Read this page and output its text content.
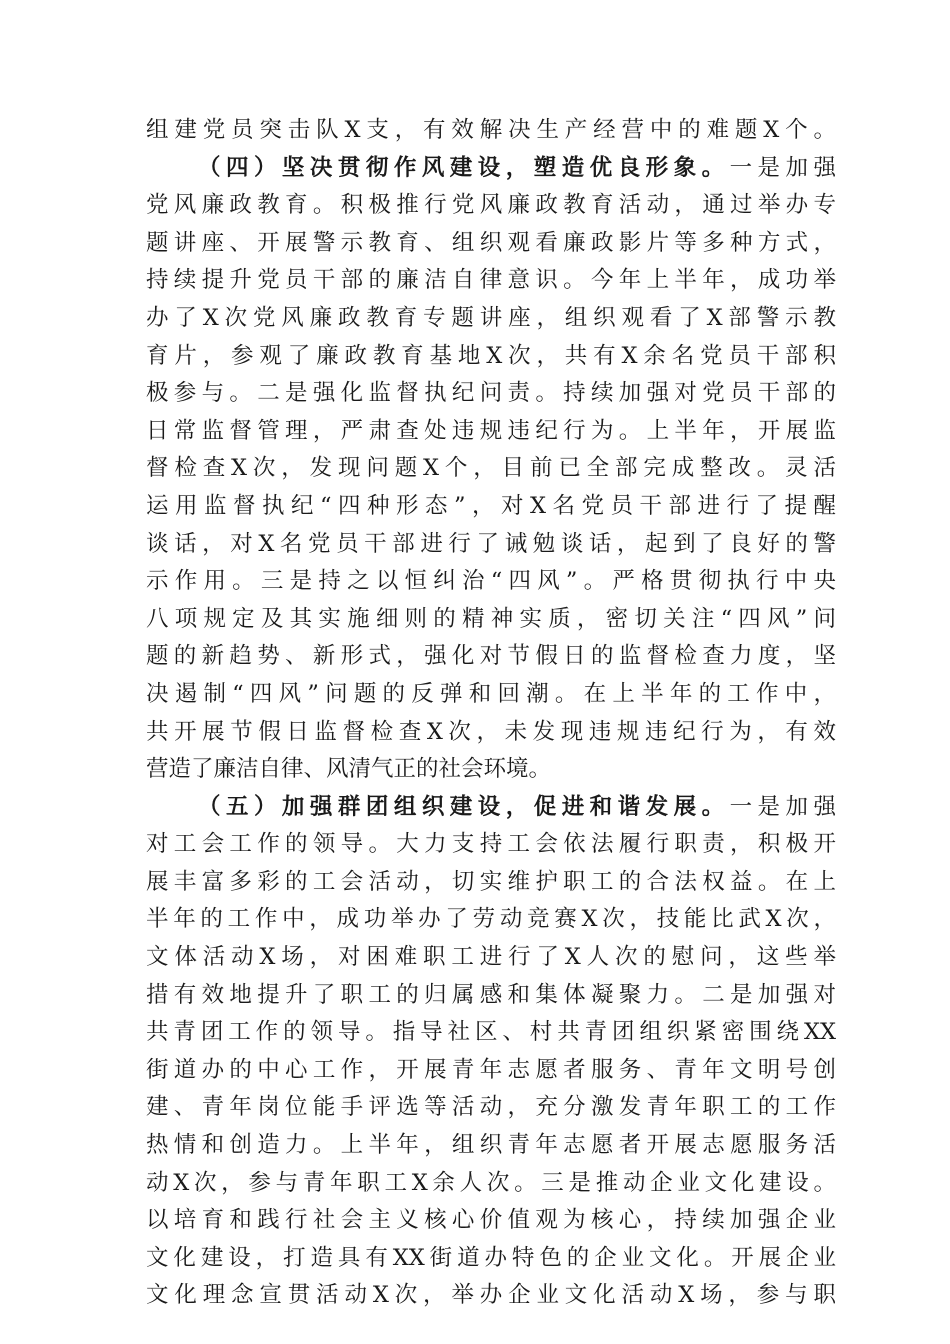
组建党员突击队X支，有效解决生产经营中的难题X个。
（四）坚决贯彻作风建设，塑造优良形象。一是加强
党风廉政教育。积极推行党风廉政教育活动，通过举办专
题讲座、开展警示教育、组织观看廉政影片等多种方式，
持续提升党员干部的廉洁自律意识。今年上半年，成功举
办了X次党风廉政教育专题讲座，组织观看了X部警示教
育片，参观了廉政教育基地X次，共有X余名党员干部积
极参与。二是强化监督执纪问责。持续加强对党员干部的
日常监督管理，严肃查处违规违纪行为。上半年，开展监
督检查X次，发现问题X个，目前已全部完成整改。灵活
运用监督执纪“四种形态”，对X名党员干部进行了提醒
谈话，对X名党员干部进行了诫勉谈话，起到了良好的警
示作用。三是持之以恒纠治“四风”。严格贯彻执行中央
八项规定及其实施细则的精神实质，密切关注“四风”问
题的新趋势、新形式，强化对节假日的监督检查力度，坚
决遏制“四风”问题的反弹和回潮。在上半年的工作中，
共开展节假日监督检查X次，未发现违规违纪行为，有效
营造了廉洁自律、风清气正的社会环境。
（五）加强群团组织建设，促进和谐发展。一是加强
对工会工作的领导。大力支持工会依法履行职责，积极开
展丰富多彩的工会活动，切实维护职工的合法权益。在上
半年的工作中，成功举办了劳动竞赛X次，技能比武X次，
文体活动X场，对困难职工进行了X人次的慰问，这些举
措有效地提升了职工的归属感和集体凝聚力。二是加强对
共青团工作的领导。指导社区、村共青团组织紧密围绕XX
街道办的中心工作，开展青年志愿者服务、青年文明号创
建、青年岗位能手评选等活动，充分激发青年职工的工作
热情和创造力。上半年，组织青年志愿者开展志愿服务活
动X次，参与青年职工X余人次。三是推动企业文化建设。
以培育和践行社会主义核心价值观为核心，持续加强企业
文化建设，打造具有XX街道办特色的企业文化。开展企业
文化理念宣贯活动X次，举办企业文化活动X场，参与职
